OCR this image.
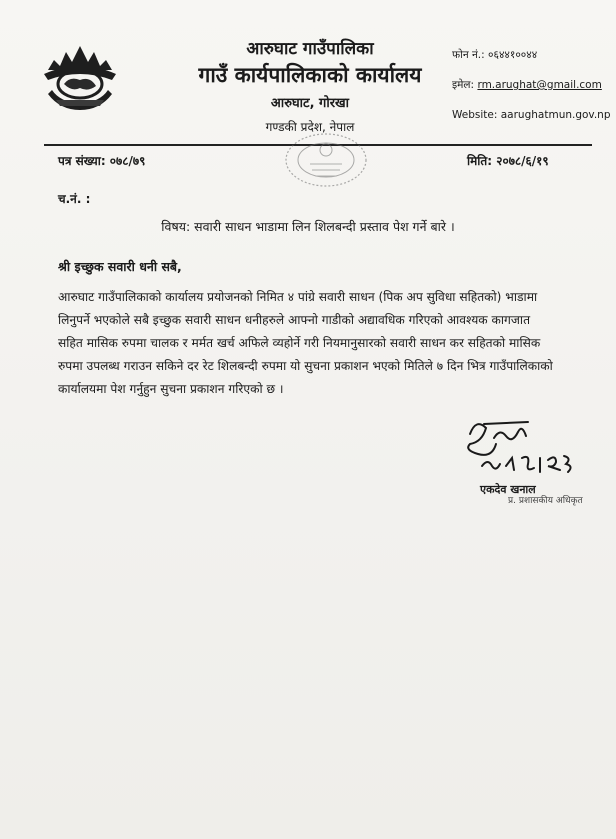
आरुघाट गाउँपालिका
गाउँ कार्यपालिकाको कार्यालय
आरुघाट, गोरखा
गण्डकी प्रदेश, नेपाल
फोन नं.: ०६४४१००४४
इमेल: rm.arughat@gmail.com
Website: aarughatmun.gov.np
पत्र संख्या: ०७८/७९	मिति: २०७८/६/१९
च.नं. :
विषय: सवारी साधन भाडामा लिन शिलबन्दी प्रस्ताव पेश गर्ने बारे ।
श्री इच्छुक सवारी धनी सबै,
आरुघाट गाउँपालिकाको कार्यालय प्रयोजनको निमित ४ पांग्रे सवारी साधन (पिक अप सुविधा सहितको) भाडामा
लिनुपर्ने भएकोले सबै इच्छुक सवारी साधन धनीहरुले आफ्नो गाडीको अद्यावधिक गरिएको आवश्यक कागजात
सहित मासिक रुपमा चालक र मर्मत खर्च अफिले व्यहोर्ने गरी नियमानुसारको सवारी साधन कर सहितको मासिक
रुपमा उपलब्ध गराउन सकिने दर रेट शिलबन्दी रुपमा यो सुचना प्रकाशन भएको मितिले ७ दिन भित्र गाउँपालिकाको
कार्यालयमा पेश गर्नुहुन सुचना प्रकाशन गरिएको छ ।
एकदेव खनाल
प्र. प्रशासकीय अधिकृत
